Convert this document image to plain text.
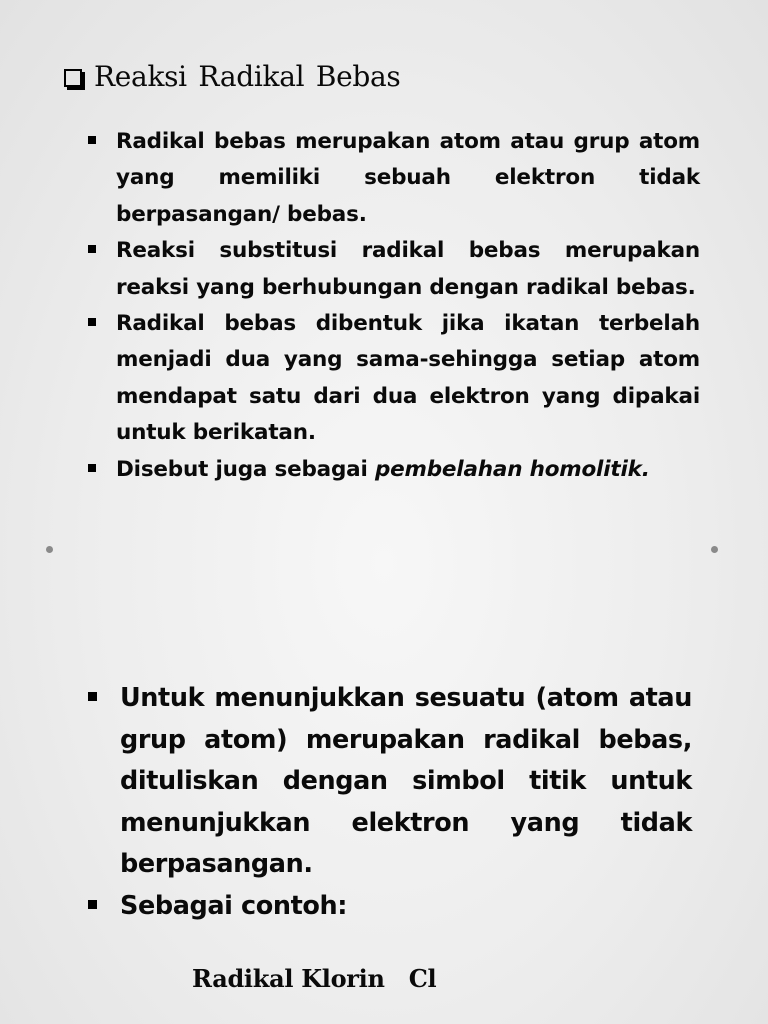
Reaksi Radikal Bebas
Radikal bebas merupakan atom atau grup atom yang memiliki sebuah elektron tidak berpasangan/ bebas.
Reaksi substitusi radikal bebas merupakan reaksi yang berhubungan dengan radikal bebas.
Radikal bebas dibentuk jika ikatan terbelah menjadi dua yang sama-sehingga setiap atom mendapat satu dari dua elektron yang dipakai untuk berikatan.
Disebut juga sebagai pembelahan homolitik.
Untuk menunjukkan sesuatu (atom atau grup atom) merupakan radikal bebas, dituliskan dengan simbol titik untuk menunjukkan elektron yang tidak berpasangan.
Sebagai contoh:
Radikal Klorin   Cl
